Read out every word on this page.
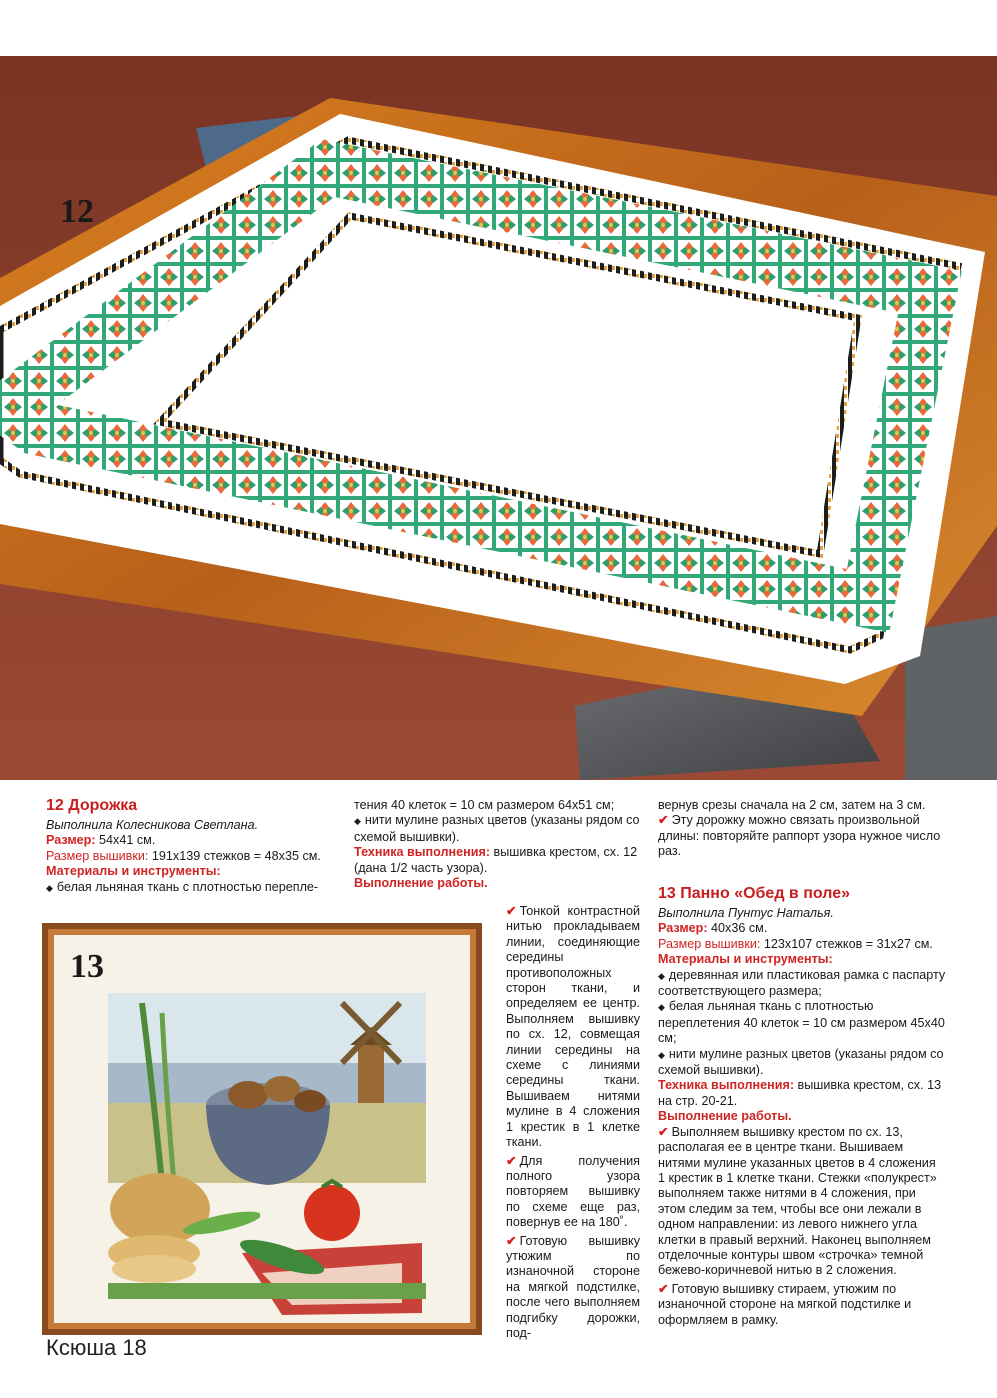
12

12 Дорожка

Выполнила Колесникова Светлана.

Размер: 54х41 см.

Размер вышивки: 191х139 стежков = 48х35 см.

Материалы и инструменты:

◆ белая льняная ткань с плотностью перепле-

тения 40 клеток = 10 см размером 64х51 см;

◆ нити мулине разных цветов (указаны рядом со схемой вышивки).

Техника выполнения: вышивка крестом, сх. 12 (дана 1/2 часть узора).

Выполнение работы.

✔ Тонкой контрастной нитью прокладываем линии, соединяющие середины противоположных сторон ткани, и определяем ее центр. Выполняем вышивку по сх. 12, совмещая линии середины на схеме с линиями середины ткани. Вышиваем нитями мулине в 4 сложения 1 крестик в 1 клетке ткани.

✔ Для получения полного узора повторяем вышивку по схеме еще раз, повернув ее на 180˚.

✔ Готовую вышивку утюжим по изнаночной стороне на мягкой подстилке, после чего выполняем подгибку дорожки, под-

вернув срезы сначала на 2 см, затем на 3 см.

✔ Эту дорожку можно связать произвольной длины: повторяйте раппорт узора нужное число раз.

13 Панно «Обед в поле»

Выполнила Пунтус Наталья.

Размер: 40х36 см.

Размер вышивки: 123х107 стежков = 31х27 см.

Материалы и инструменты:

◆ деревянная или пластиковая рамка с паспарту соответствующего размера;

◆ белая льняная ткань с плотностью переплетения 40 клеток = 10 см размером 45х40 см;

◆ нити мулине разных цветов (указаны рядом со схемой вышивки).

Техника выполнения: вышивка крестом, сх. 13 на стр. 20-21.

Выполнение работы.

✔ Выполняем вышивку крестом по сх. 13, располагая ее в центре ткани. Вышиваем нитями мулине указанных цветов в 4 сложения 1 крестик в 1 клетке ткани. Стежки «полукрест» выполняем также нитями в 4 сложения, при этом следим за тем, чтобы все они лежали в одном направлении: из левого нижнего угла клетки в правый верхний. Наконец выполняем отделочные контуры швом «строчка» темной бежево-коричневой нитью в 2 сложения.

✔ Готовую вышивку стираем, утюжим по изнаночной стороне на мягкой подстилке и оформляем в рамку.

13
Ксюша 18
